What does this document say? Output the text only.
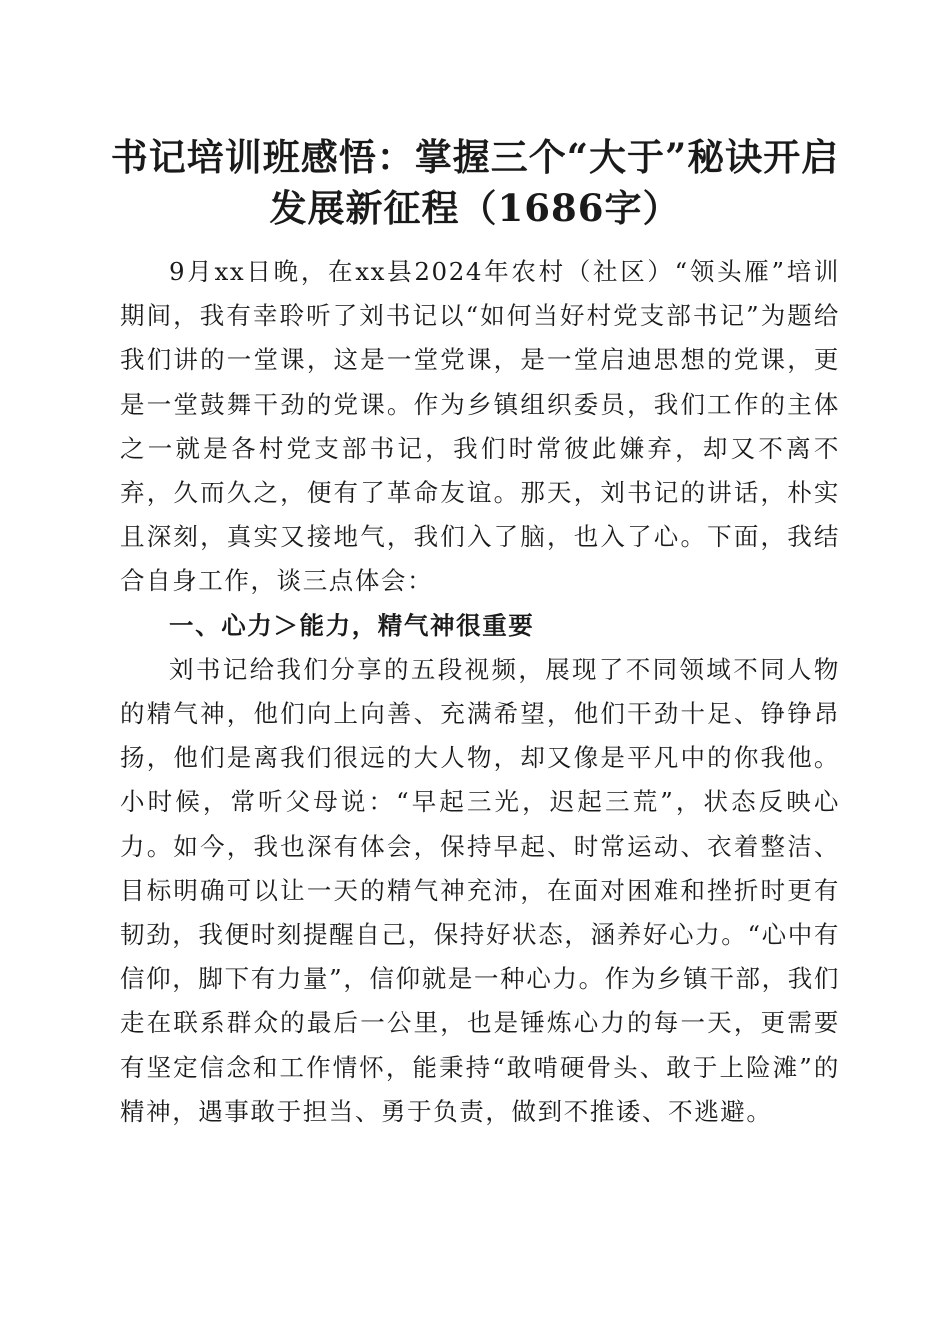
书记培训班感悟：掌握三个“大于”秘诀开启
发展新征程（1686字）

9月xx日晚，在xx县2024年农村（社区）“领头雁”培训期间，我有幸聆听了刘书记以“如何当好村党支部书记”为题给我们讲的一堂课，这是一堂党课，是一堂启迪思想的党课，更是一堂鼓舞干劲的党课。作为乡镇组织委员，我们工作的主体之一就是各村党支部书记，我们时常彼此嫌弃，却又不离不弃，久而久之，便有了革命友谊。那天，刘书记的讲话，朴实且深刻，真实又接地气，我们入了脑，也入了心。下面，我结合自身工作，谈三点体会：

一、心力＞能力，精气神很重要

刘书记给我们分享的五段视频，展现了不同领域不同人物的精气神，他们向上向善、充满希望，他们干劲十足、铮铮昂扬，他们是离我们很远的大人物，却又像是平凡中的你我他。小时候，常听父母说：“早起三光，迟起三荒”，状态反映心力。如今，我也深有体会，保持早起、时常运动、衣着整洁、目标明确可以让一天的精气神充沛，在面对困难和挫折时更有韧劲，我便时刻提醒自己，保持好状态，涵养好心力。“心中有信仰，脚下有力量”，信仰就是一种心力。作为乡镇干部，我们走在联系群众的最后一公里，也是锤炼心力的每一天，更需要有坚定信念和工作情怀，能秉持“敢啃硬骨头、敢于上险滩”的精神，遇事敢于担当、勇于负责，做到不推诿、不逃避。
